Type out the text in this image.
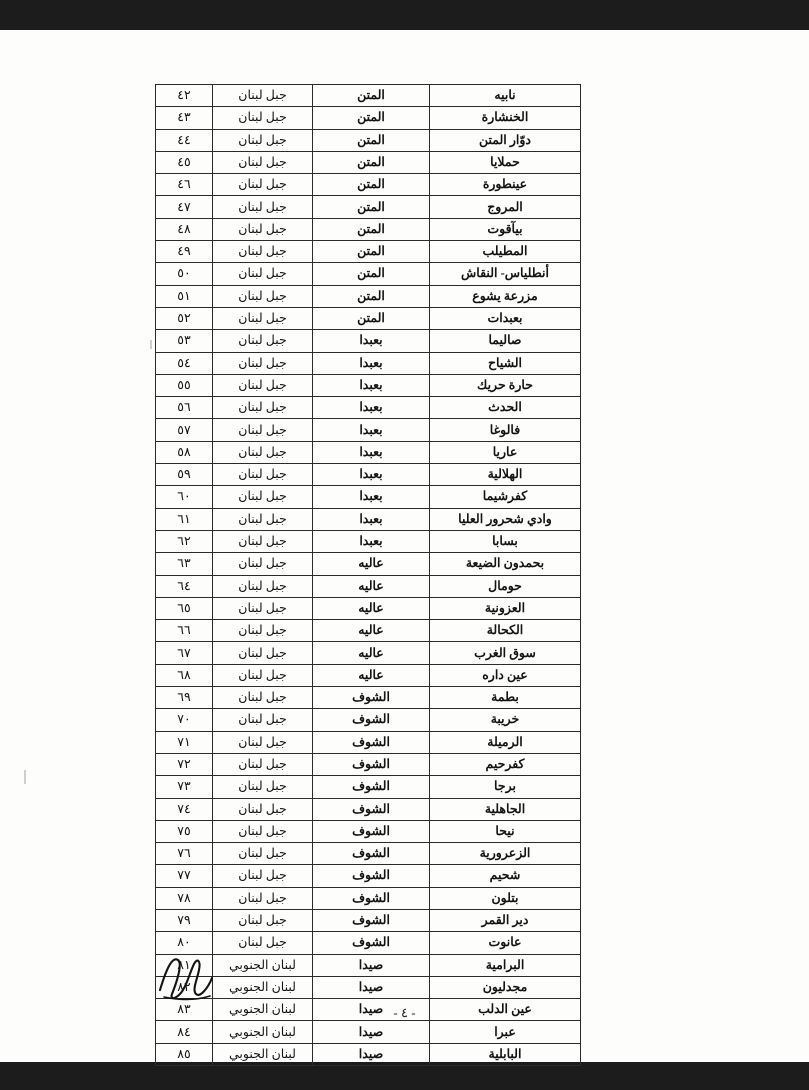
نابيه	المتن	جبل لبنان	٤٢
الخنشارة	المتن	جبل لبنان	٤٣
دوّار المتن	المتن	جبل لبنان	٤٤
حملايا	المتن	جبل لبنان	٤٥
عينطورة	المتن	جبل لبنان	٤٦
المروج	المتن	جبل لبنان	٤٧
بيآقوت	المتن	جبل لبنان	٤٨
المطيلب	المتن	جبل لبنان	٤٩
أنطلياس- النقاش	المتن	جبل لبنان	٥٠
مزرعة يشوع	المتن	جبل لبنان	٥١
بعبدات	المتن	جبل لبنان	٥٢
صاليما	بعبدا	جبل لبنان	٥٣
الشياح	بعبدا	جبل لبنان	٥٤
حارة حريك	بعبدا	جبل لبنان	٥٥
الحدث	بعبدا	جبل لبنان	٥٦
فالوغا	بعبدا	جبل لبنان	٥٧
عاريا	بعبدا	جبل لبنان	٥٨
الهلالية	بعبدا	جبل لبنان	٥٩
كفرشيما	بعبدا	جبل لبنان	٦٠
وادي شحرور العليا	بعبدا	جبل لبنان	٦١
بسابا	بعبدا	جبل لبنان	٦٢
بحمدون الضيعة	عاليه	جبل لبنان	٦٣
حومال	عاليه	جبل لبنان	٦٤
العزونية	عاليه	جبل لبنان	٦٥
الكحالة	عاليه	جبل لبنان	٦٦
سوق الغرب	عاليه	جبل لبنان	٦٧
عين داره	عاليه	جبل لبنان	٦٨
بطمة	الشوف	جبل لبنان	٦٩
خريبة	الشوف	جبل لبنان	٧٠
الرميلة	الشوف	جبل لبنان	٧١
كفرحيم	الشوف	جبل لبنان	٧٢
برجا	الشوف	جبل لبنان	٧٣
الجاهلية	الشوف	جبل لبنان	٧٤
نيحا	الشوف	جبل لبنان	٧٥
الزعرورية	الشوف	جبل لبنان	٧٦
شحيم	الشوف	جبل لبنان	٧٧
بتلون	الشوف	جبل لبنان	٧٨
دير القمر	الشوف	جبل لبنان	٧٩
عانوت	الشوف	جبل لبنان	٨٠
البرامية	صيدا	لبنان الجنوبي	٨١
مجدليون	صيدا	لبنان الجنوبي	٨٢
عين الدلب	صيدا	لبنان الجنوبي	٨٣
عبرا	صيدا	لبنان الجنوبي	٨٤
البابلية	صيدا	لبنان الجنوبي	٨٥
- ٤ -
